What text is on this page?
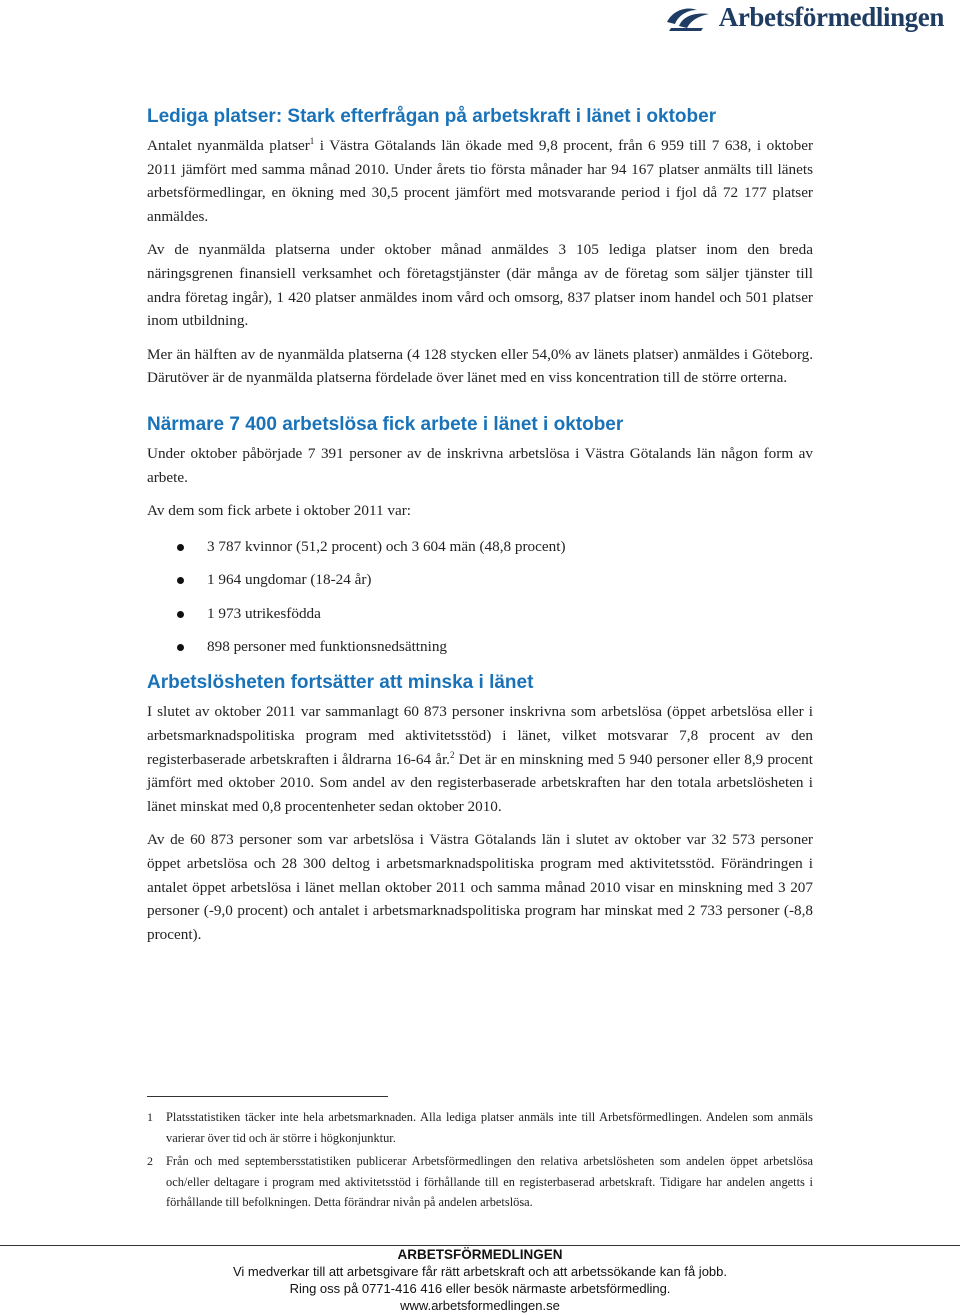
Arbetsförmedlingen
Lediga platser: Stark efterfrågan på arbetskraft i länet i oktober

Antalet nyanmälda platser$^1$ i Västra Götalands län ökade med 9,8 procent, från 6 959 till 7 638, i oktober 2011 jämfört med samma månad 2010. Under årets tio första månader har 94 167 platser anmälts till länets arbetsförmedlingar, en ökning med 30,5 procent jämfört med motsvarande period i fjol då 72 177 platser anmäldes.

Av de nyanmälda platserna under oktober månad anmäldes 3 105 lediga platser inom den breda näringsgrenen finansiell verksamhet och företagstjänster (där många av de företag som säljer tjänster till andra företag ingår), 1 420 platser anmäldes inom vård och omsorg, 837 platser inom handel och 501 platser inom utbildning.

Mer än hälften av de nyanmälda platserna (4 128 stycken eller 54,0% av länets platser) anmäldes i Göteborg. Därutöver är de nyanmälda platserna fördelade över länet med en viss koncentration till de större orterna.

Närmare 7 400 arbetslösa fick arbete i länet i oktober

Under oktober påbörjade 7 391 personer av de inskrivna arbetslösa i Västra Götalands län någon form av arbete.

Av dem som fick arbete i oktober 2011 var:

3 787 kvinnor (51,2 procent) och 3 604 män (48,8 procent)
1 964 ungdomar (18-24 år)
1 973 utrikesfödda
898 personer med funktionsnedsättning
Arbetslösheten fortsätter att minska i länet

I slutet av oktober 2011 var sammanlagt 60 873 personer inskrivna som arbetslösa (öppet arbetslösa eller i arbetsmarknadspolitiska program med aktivitetsstöd) i länet, vilket motsvarar 7,8 procent av den registerbaserade arbetskraften i åldrarna 16-64 år.$^2$ Det är en minskning med 5 940 personer eller 8,9 procent jämfört med oktober 2010. Som andel av den registerbaserade arbetskraften har den totala arbetslösheten i länet minskat med 0,8 procentenheter sedan oktober 2010.

Av de 60 873 personer som var arbetslösa i Västra Götalands län i slutet av oktober var 32 573 personer öppet arbetslösa och 28 300 deltog i arbetsmarknadspolitiska program med aktivitetsstöd. Förändringen i antalet öppet arbetslösa i länet mellan oktober 2011 och samma månad 2010 visar en minskning med 3 207 personer (-9,0 procent) och antalet i arbetsmarknadspolitiska program har minskat med 2 733 personer (-8,8 procent).

1 Platsstatistiken täcker inte hela arbetsmarknaden. Alla lediga platser anmäls inte till Arbetsförmedlingen. Andelen som anmäls varierar över tid och är större i högkonjunktur.
2 Från och med septembersstatistiken publicerar Arbetsförmedlingen den relativa arbetslösheten som andelen öppet arbetslösa och/eller deltagare i program med aktivitetsstöd i förhållande till en registerbaserad arbetskraft. Tidigare har andelen angetts i förhållande till befolkningen. Detta förändrar nivån på andelen arbetslösa.
ARBETSFÖRMEDLINGEN
Vi medverkar till att arbetsgivare får rätt arbetskraft och att arbetssökande kan få jobb.
Ring oss på 0771-416 416 eller besök närmaste arbetsförmedling.
www.arbetsformedlingen.se
